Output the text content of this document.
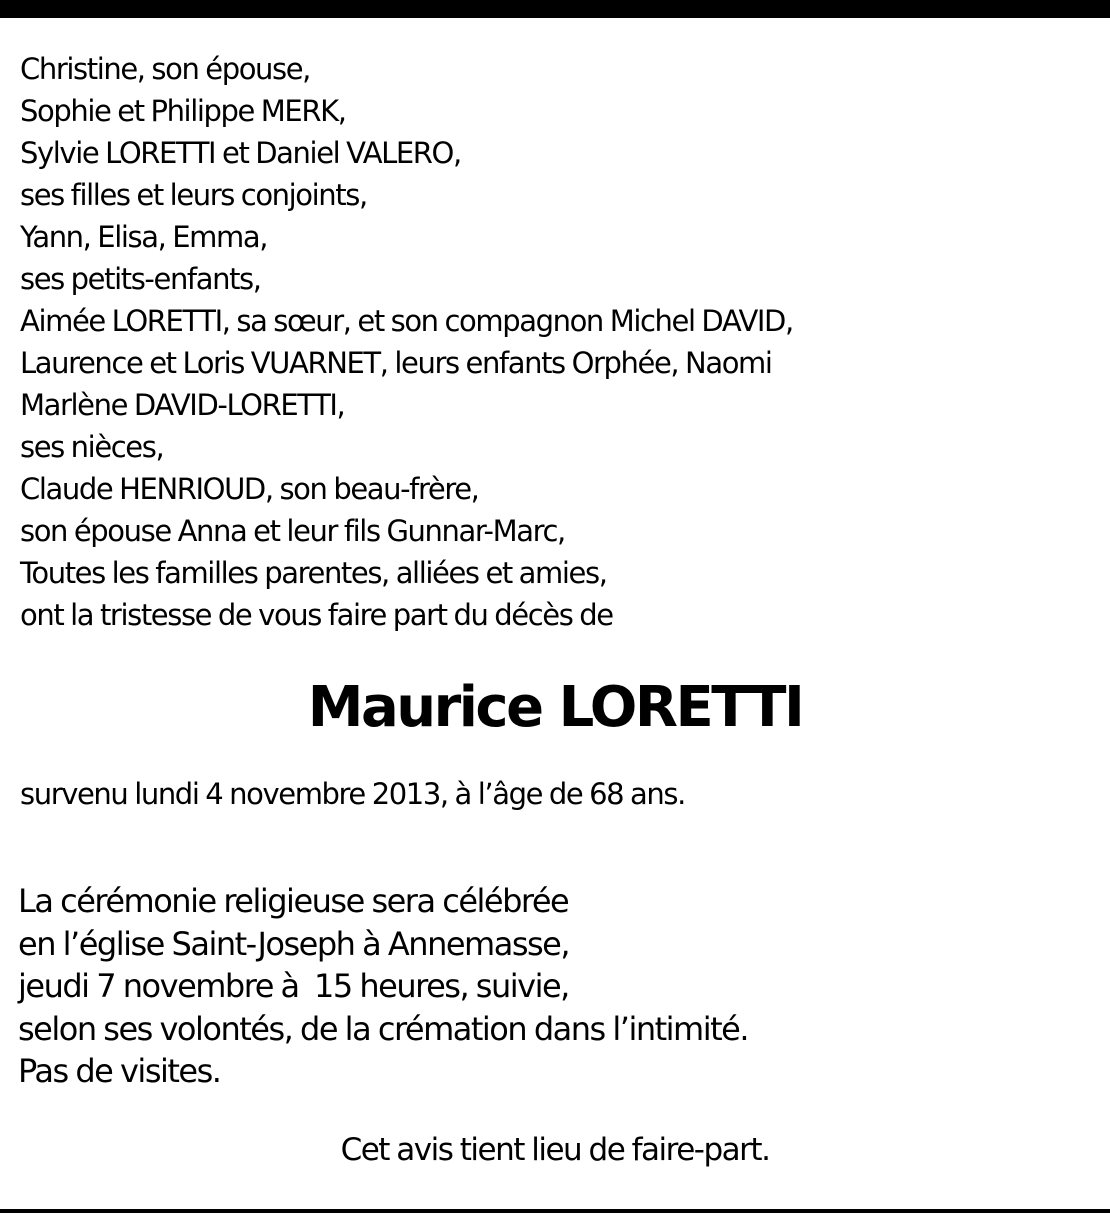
Christine, son épouse,
Sophie et Philippe MERK,
Sylvie LORETTI et Daniel VALERO,
ses filles et leurs conjoints,
Yann, Elisa, Emma,
ses petits-enfants,
Aimée LORETTI, sa sœur, et son compagnon Michel DAVID,
Laurence et Loris VUARNET, leurs enfants Orphée, Naomi
Marlène DAVID-LORETTI,
ses nièces,
Claude HENRIOUD, son beau-frère,
son épouse Anna et leur fils Gunnar-Marc,
Toutes les familles parentes, alliées et amies,
ont la tristesse de vous faire part du décès de
Maurice LORETTI
survenu lundi 4 novembre 2013, à l’âge de 68 ans.
La cérémonie religieuse sera célébrée
en l’église Saint-Joseph à Annemasse,
jeudi 7 novembre à  15 heures, suivie,
selon ses volontés, de la crémation dans l’intimité.
Pas de visites.
Cet avis tient lieu de faire-part.
